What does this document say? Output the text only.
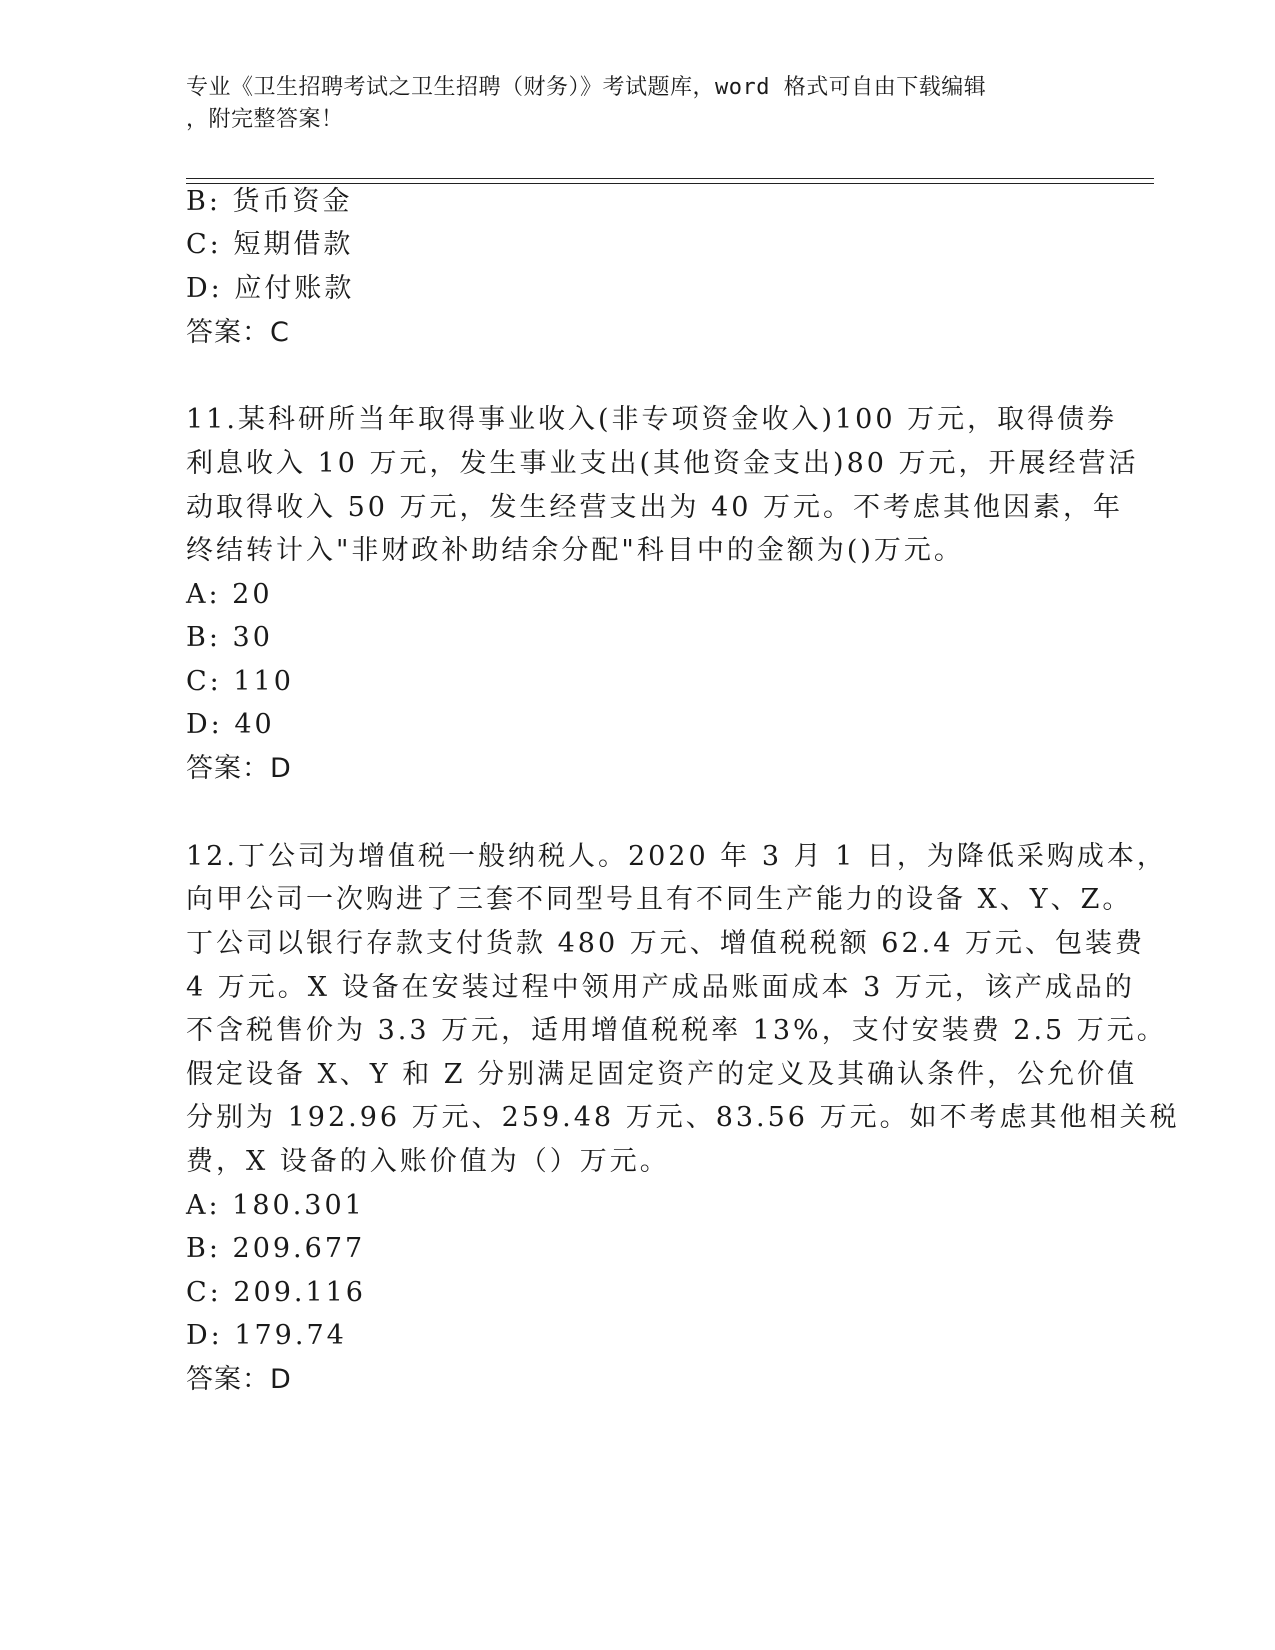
专业《卫生招聘考试之卫生招聘（财务）》考试题库，word 格式可自由下载编辑
，附完整答案！
B: 货币资金
C: 短期借款
D: 应付账款
答案：C
11.某科研所当年取得事业收入(非专项资金收入)100 万元，取得债券
利息收入 10 万元，发生事业支出(其他资金支出)80 万元，开展经营活
动取得收入 50 万元，发生经营支出为 40 万元。不考虑其他因素，年
终结转计入"非财政补助结余分配"科目中的金额为()万元。
A: 20
B: 30
C: 110
D: 40
答案：D
12.丁公司为增值税一般纳税人。2020 年 3 月 1 日，为降低采购成本，
向甲公司一次购进了三套不同型号且有不同生产能力的设备 X、Y、Z。
丁公司以银行存款支付货款 480 万元、增值税税额 62.4 万元、包装费
4 万元。X 设备在安装过程中领用产成品账面成本 3 万元，该产成品的
不含税售价为 3.3 万元，适用增值税税率 13%，支付安装费 2.5 万元。
假定设备 X、Y 和 Z 分别满足固定资产的定义及其确认条件，公允价值
分别为 192.96 万元、259.48 万元、83.56 万元。如不考虑其他相关税
费，X 设备的入账价值为（）万元。
A: 180.301
B: 209.677
C: 209.116
D: 179.74
答案：D
